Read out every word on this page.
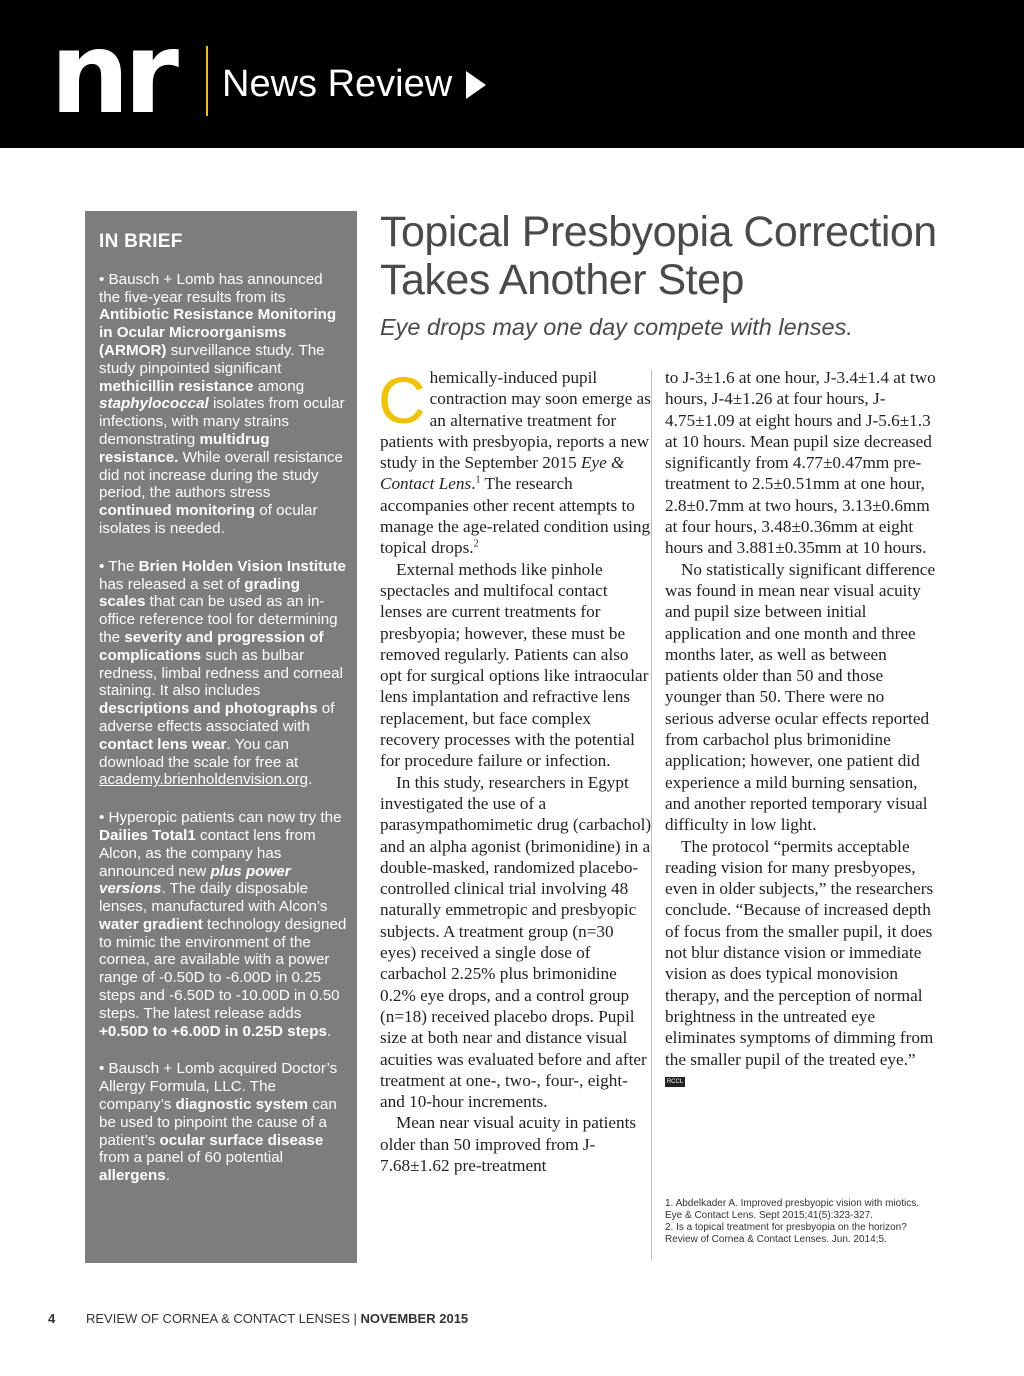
nr News Review
IN BRIEF
• Bausch + Lomb has announced the five-year results from its Antibiotic Resistance Monitoring in Ocular Microorganisms (ARMOR) surveillance study. The study pinpointed significant methicillin resistance among staphylococcal isolates from ocular infections, with many strains demonstrating multidrug resistance. While overall resistance did not increase during the study period, the authors stress continued monitoring of ocular isolates is needed.
• The Brien Holden Vision Institute has released a set of grading scales that can be used as an in-office reference tool for determining the severity and progression of complications such as bulbar redness, limbal redness and corneal staining. It also includes descriptions and photographs of adverse effects associated with contact lens wear. You can download the scale for free at academy.brienholdenvision.org.
• Hyperopic patients can now try the Dailies Total1 contact lens from Alcon, as the company has announced new plus power versions. The daily disposable lenses, manufactured with Alcon’s water gradient technology designed to mimic the environment of the cornea, are available with a power range of -0.50D to -6.00D in 0.25 steps and -6.50D to -10.00D in 0.50 steps. The latest release adds +0.50D to +6.00D in 0.25D steps.
• Bausch + Lomb acquired Doctor’s Allergy Formula, LLC. The company’s diagnostic system can be used to pinpoint the cause of a patient’s ocular surface disease from a panel of 60 potential allergens.
Topical Presbyopia Correction Takes Another Step
Eye drops may one day compete with lenses.

Chemically-induced pupil contraction may soon emerge as an alternative treatment for patients with presbyopia, reports a new study in the September 2015 Eye & Contact Lens.$^1$ The research accompanies other recent attempts to manage the age-related condition using topical drops.$^2$

External methods like pinhole spectacles and multifocal contact lenses are current treatments for presbyopia; however, these must be removed regularly. Patients can also opt for surgical options like intraocular lens implantation and refractive lens replacement, but face complex recovery processes with the potential for procedure failure or infection.

In this study, researchers in Egypt investigated the use of a parasympathomimetic drug (carbachol) and an alpha agonist (brimonidine) in a double-masked, randomized placebo-controlled clinical trial involving 48 naturally emmetropic and presbyopic subjects. A treatment group (n=30 eyes) received a single dose of carbachol 2.25% plus brimonidine 0.2% eye drops, and a control group (n=18) received placebo drops. Pupil size at both near and distance visual acuities was evaluated before and after treatment at one-, two-, four-, eight- and 10-hour increments.

Mean near visual acuity in patients older than 50 improved from J-7.68±1.62 pre-treatment

to J-3±1.6 at one hour, J-3.4±1.4 at two hours, J-4±1.26 at four hours, J-4.75±1.09 at eight hours and J-5.6±1.3 at 10 hours. Mean pupil size decreased significantly from 4.77±0.47mm pre-treatment to 2.5±0.51mm at one hour, 2.8±0.7mm at two hours, 3.13±0.6mm at four hours, 3.48±0.36mm at eight hours and 3.881±0.35mm at 10 hours.

No statistically significant difference was found in mean near visual acuity and pupil size between initial application and one month and three months later, as well as between patients older than 50 and those younger than 50. There were no serious adverse ocular effects reported from carbachol plus brimonidine application; however, one patient did experience a mild burning sensation, and another reported temporary visual difficulty in low light.

The protocol “permits acceptable reading vision for many presbyopes, even in older subjects,” the researchers conclude. “Because of increased depth of focus from the smaller pupil, it does not blur distance vision or immediate vision as does typical monovision therapy, and the perception of normal brightness in the untreated eye eliminates symptoms of dimming from the smaller pupil of the treated eye.” RCCL

1. Abdelkader A. Improved presbyopic vision with miotics. Eye & Contact Lens. Sept 2015;41(5):323-327.
2. Is a topical treatment for presbyopia on the horizon? Review of Cornea & Contact Lenses. Jun. 2014;5.
4 REVIEW OF CORNEA & CONTACT LENSES | NOVEMBER 2015
